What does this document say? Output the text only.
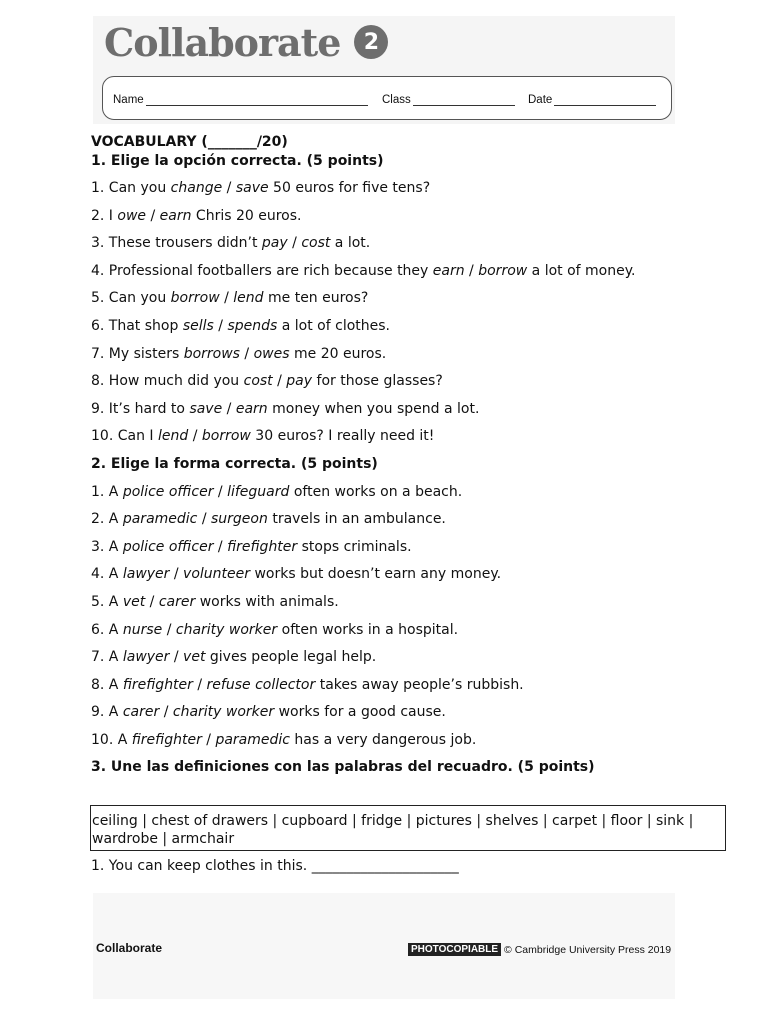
Collaborate	2
Name	Class	Date
VOCABULARY (_______/20)
1. Elige la opción correcta. (5 points)
1. Can you change / save 50 euros for five tens?
2. I owe / earn Chris 20 euros.
3. These trousers didn’t pay / cost a lot.
4. Professional footballers are rich because they earn / borrow a lot of money.
5. Can you borrow / lend me ten euros?
6. That shop sells / spends a lot of clothes.
7. My sisters borrows / owes me 20 euros.
8. How much did you cost / pay for those glasses?
9. It’s hard to save / earn money when you spend a lot.
10. Can I lend / borrow 30 euros? I really need it!
2. Elige la forma correcta. (5 points)
1. A police officer / lifeguard often works on a beach.
2. A paramedic / surgeon travels in an ambulance.
3. A police officer / firefighter stops criminals.
4. A lawyer / volunteer works but doesn’t earn any money.
5. A vet / carer works with animals.
6. A nurse / charity worker often works in a hospital.
7. A lawyer / vet gives people legal help.
8. A firefighter / refuse collector takes away people’s rubbish.
9. A carer / charity worker works for a good cause.
10. A firefighter / paramedic has a very dangerous job.
3. Une las definiciones con las palabras del recuadro. (5 points)
ceiling | chest of drawers | cupboard | fridge | pictures | shelves | carpet | floor | sink | wardrobe | armchair
1. You can keep clothes in this. _____________________
Collaborate	PHOTOCOPIABLE © Cambridge University Press 2019
